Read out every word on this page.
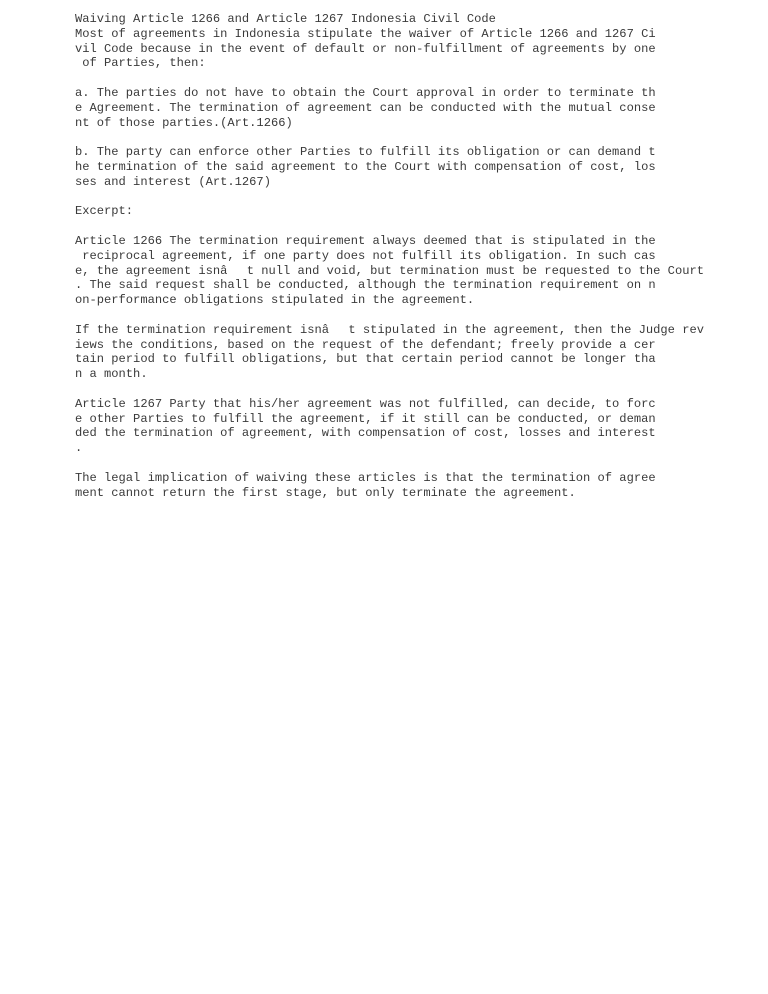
Waiving Article 1266 and Article 1267 Indonesia Civil Code
Most of agreements in Indonesia stipulate the waiver of Article 1266 and 1267 Ci
vil Code because in the event of default or non-fulfillment of agreements by one
of Parties, then:
a. The parties do not have to obtain the Court approval in order to terminate th
e Agreement. The termination of agreement can be conducted with the mutual conse
nt of those parties.(Art.1266)
b. The party can enforce other Parties to fulfill its obligation or can demand t
he termination of the said agreement to the Court with compensation of cost, los
ses and interest (Art.1267)
Excerpt:
Article 1266 The termination requirement always deemed that is stipulated in the
reciprocal agreement, if one party does not fulfill its obligation. In such cas
e, the agreement isnât null and void, but termination must be requested to the Court
. The said request shall be conducted, although the termination requirement on n
on-performance obligations stipulated in the agreement.
If the termination requirement isnât stipulated in the agreement, then the Judge rev
iews the conditions, based on the request of the defendant; freely provide a cer
tain period to fulfill obligations, but that certain period cannot be longer tha
n a month.
Article 1267 Party that his/her agreement was not fulfilled, can decide, to forc
e other Parties to fulfill the agreement, if it still can be conducted, or deman
ded the termination of agreement, with compensation of cost, losses and interest
.
The legal implication of waiving these articles is that the termination of agree
ment cannot return the first stage, but only terminate the agreement.
